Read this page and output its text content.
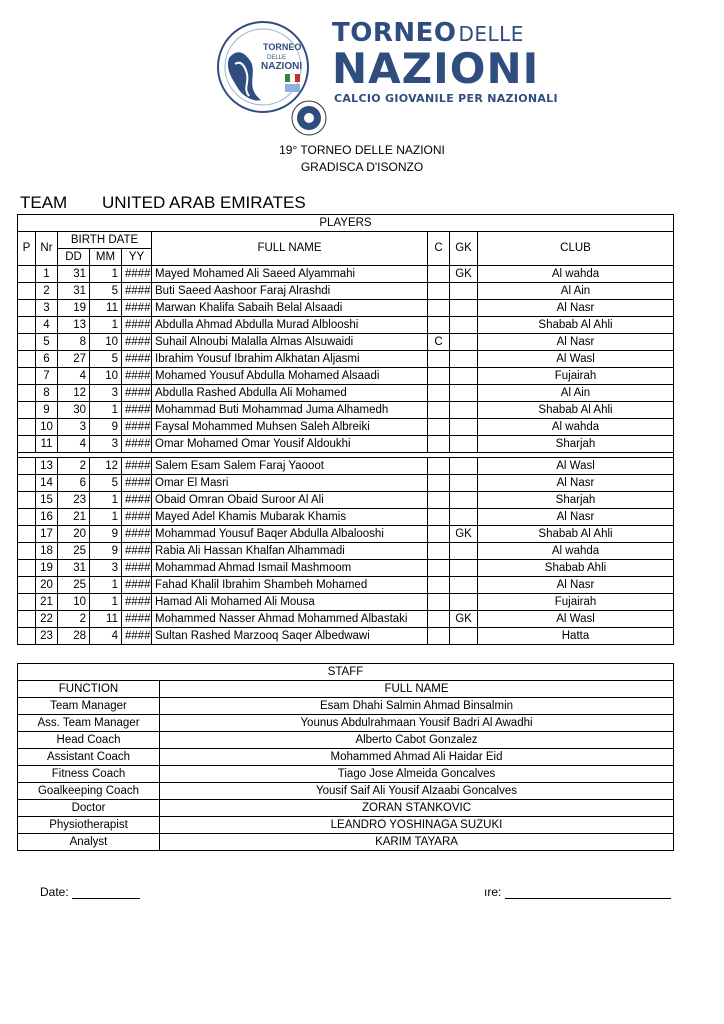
TORNEO
DELLE
NAZIONI
TORNEO DELLE
NAZIONI
CALCIO GIOVANILE PER NAZIONALI
19° TORNEO DELLE NAZIONI
GRADISCA D'ISONZO
TEAM UNITED ARAB EMIRATES
PLAYERS								
P	Nr	BIRTH DATE			FULL NAME	C	GK	CLUB
		DD	MM	YY				
	1	31	1	####	Mayed Mohamed Ali Saeed Alyammahi		GK	Al wahda
	2	31	5	####	Buti Saeed Aashoor Faraj Alrashdi			Al Ain
	3	19	11	####	Marwan Khalifa Sabaih Belal Alsaadi			Al Nasr
	4	13	1	####	Abdulla Ahmad Abdulla Murad Alblooshi			Shabab Al Ahli
	5	8	10	####	Suhail Alnoubi Malalla Almas Alsuwaidi	C		Al Nasr
	6	27	5	####	Ibrahim Yousuf Ibrahim Alkhatan Aljasmi			Al Wasl
	7	4	10	####	Mohamed Yousuf Abdulla Mohamed Alsaadi			Fujairah
	8	12	3	####	Abdulla Rashed Abdulla Ali Mohamed			Al Ain
	9	30	1	####	Mohammad Buti Mohammad Juma Alhamedh			Shabab Al Ahli
	10	3	9	####	Faysal Mohammed Muhsen Saleh Albreiki			Al wahda
	11	4	3	####	Omar Mohamed Omar Yousif Aldoukhi			Sharjah

	13	2	12	####	Salem Esam Salem Faraj Yaooot			Al Wasl
	14	6	5	####	Omar El Masri			Al Nasr
	15	23	1	####	Obaid Omran Obaid Suroor Al Ali			Sharjah
	16	21	1	####	Mayed Adel Khamis Mubarak Khamis			Al Nasr
	17	20	9	####	Mohammad Yousuf Baqer Abdulla Albalooshi		GK	Shabab Al Ahli
	18	25	9	####	Rabia Ali Hassan Khalfan Alhammadi			Al wahda
	19	31	3	####	Mohammad Ahmad Ismail Mashmoom			Shabab Ahli
	20	25	1	####	Fahad Khalil Ibrahim Shambeh Mohamed			Al Nasr
	21	10	1	####	Hamad Ali Mohamed Ali Mousa			Fujairah
	22	2	11	####	Mohammed Nasser Ahmad Mohammed Albastaki		GK	Al Wasl
	23	28	4	####	Sultan Rashed Marzooq Saqer Albedwawi			Hatta
STAFF	
FUNCTION	FULL NAME
Team Manager	Esam Dhahi Salmin Ahmad Binsalmin
Ass. Team Manager	Younus Abdulrahmaan Yousif Badri Al Awadhi
Head Coach	Alberto Cabot Gonzalez
Assistant Coach	Mohammed Ahmad Ali Haidar Eid
Fitness Coach	Tiago Jose Almeida Goncalves
Goalkeeping Coach	Yousif Saif Ali Yousif Alzaabi Goncalves
Doctor	ZORAN STANKOVIC
Physiotherapist	LEANDRO YOSHINAGA SUZUKI
Analyst	KARIM TAYARA
Date:	ıre:
